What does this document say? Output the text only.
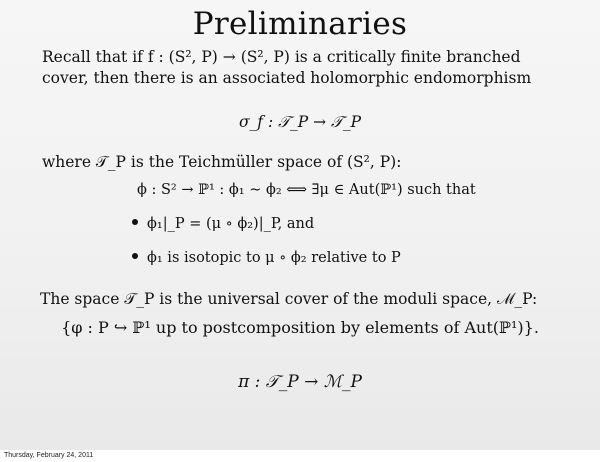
Preliminaries
Recall that if f : (S², P) → (S², P) is a critically finite branched
cover, then there is an associated holomorphic endomorphism
σ_f : 𝒯_P → 𝒯_P
where 𝒯_P is the Teichmüller space of (S², P):
ϕ : S² → ℙ¹ : ϕ₁ ∼ ϕ₂ ⟺ ∃μ ∈ Aut(ℙ¹) such that
ϕ₁|_P = (μ ∘ ϕ₂)|_P, and
ϕ₁ is isotopic to μ ∘ ϕ₂ relative to P
The space 𝒯_P is the universal cover of the moduli space, ℳ_P:
{φ : P ↪ ℙ¹ up to postcomposition by elements of Aut(ℙ¹)}.
π : 𝒯_P → ℳ_P
Thursday, February 24, 2011
